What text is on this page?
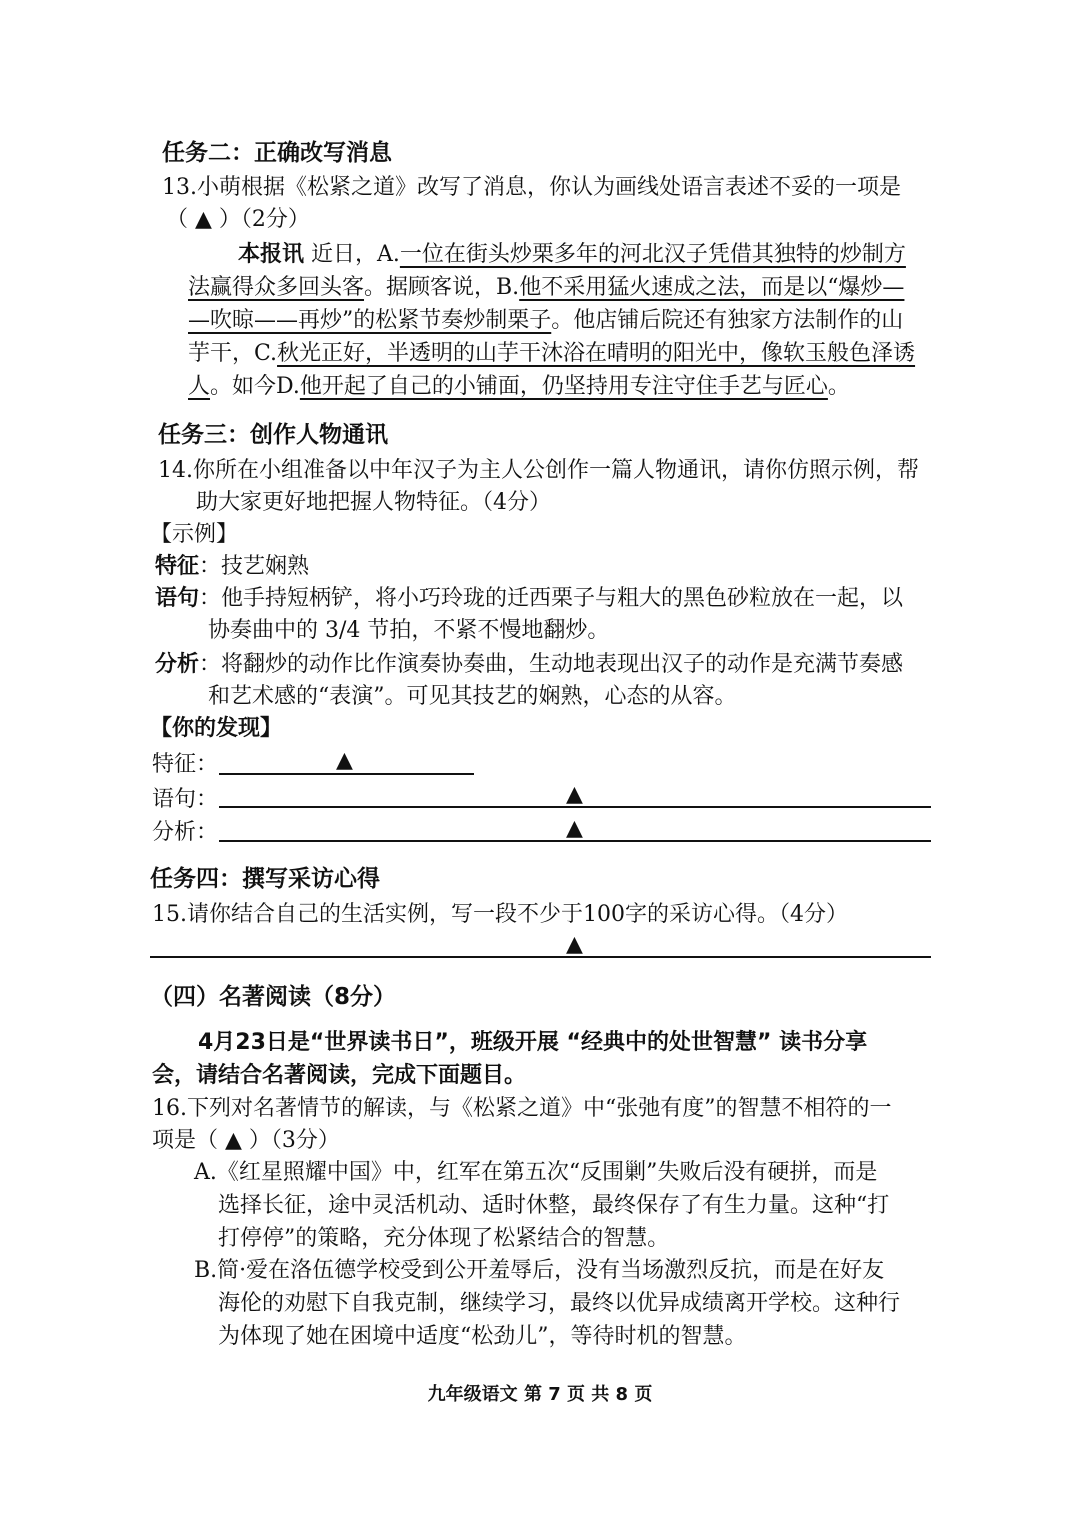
任务二：正确改写消息
13.小萌根据《松紧之道》改写了消息，你认为画线处语言表述不妥的一项是
（ ▲ ）（2分）
本报讯 近日，A.一位在街头炒栗多年的河北汉子凭借其独特的炒制方
法赢得众多回头客。据顾客说，B.他不采用猛火速成之法，而是以“爆炒—
—吹晾——再炒”的松紧节奏炒制栗子。他店铺后院还有独家方法制作的山
芋干，C.秋光正好，半透明的山芋干沐浴在晴明的阳光中，像软玉般色泽诱
人。如今D.他开起了自己的小铺面，仍坚持用专注守住手艺与匠心。
任务三：创作人物通讯
14.你所在小组准备以中年汉子为主人公创作一篇人物通讯，请你仿照示例，帮
助大家更好地把握人物特征。（4分）
【示例】
特征：技艺娴熟
语句：他手持短柄铲，将小巧玲珑的迁西栗子与粗大的黑色砂粒放在一起，以
协奏曲中的 3/4 节拍，不紧不慢地翻炒。
分析：将翻炒的动作比作演奏协奏曲，生动地表现出汉子的动作是充满节奏感
和艺术感的“表演”。可见其技艺的娴熟，心态的从容。
【你的发现】
特征：	▲
语句：	▲
分析：	▲
任务四：撰写采访心得
15.请你结合自己的生活实例，写一段不少于100字的采访心得。（4分）
▲
（四）名著阅读（8分）
4月23日是“世界读书日”，班级开展 “经典中的处世智慧” 读书分享
会，请结合名著阅读，完成下面题目。
16.下列对名著情节的解读，与《松紧之道》中“张弛有度”的智慧不相符的一
项是（ ▲ ）（3分）
A.《红星照耀中国》中，红军在第五次“反围剿”失败后没有硬拼，而是
选择长征，途中灵活机动、适时休整，最终保存了有生力量。这种“打
打停停”的策略，充分体现了松紧结合的智慧。
B.简·爱在洛伍德学校受到公开羞辱后，没有当场激烈反抗，而是在好友
海伦的劝慰下自我克制，继续学习，最终以优异成绩离开学校。这种行
为体现了她在困境中适度“松劲儿”，等待时机的智慧。
九年级语文 第 7 页 共 8 页
